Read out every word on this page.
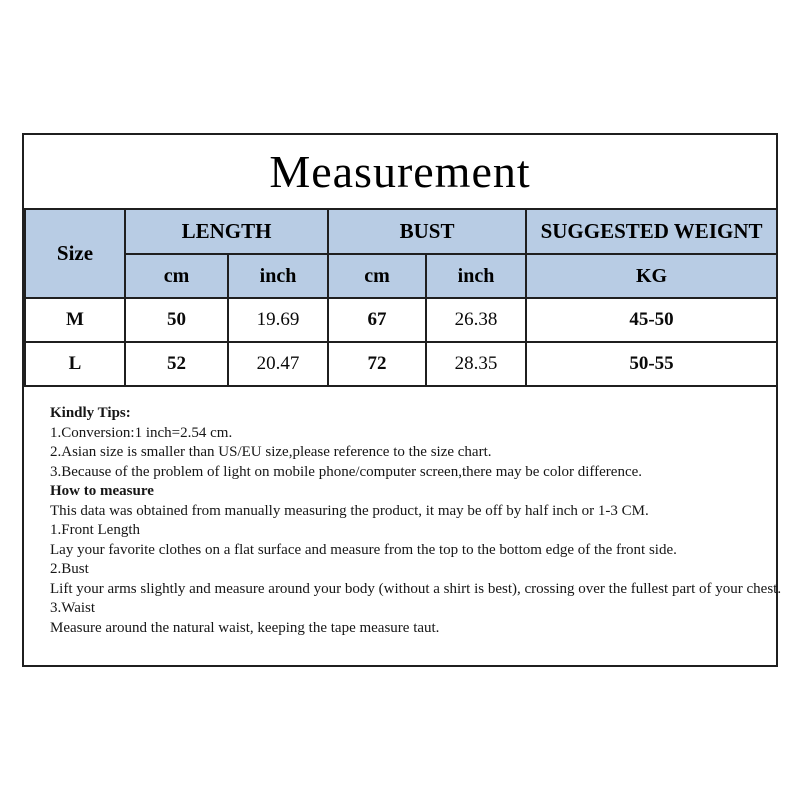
Measurement
Size	LENGTH		BUST		SUGGESTED WEIGNT
	cm	inch	cm	inch	KG
M	50	19.69	67	26.38	45-50
L	52	20.47	72	28.35	50-55
Kindly Tips:
1.Conversion:1 inch=2.54 cm.
2.Asian size is smaller than US/EU size,please reference to the size chart.
3.Because of the problem of light on mobile phone/computer screen,there may be color difference.
How to measure
This data was obtained from manually measuring the product, it may be off by half inch or 1-3 CM.
1.Front Length
Lay your favorite clothes on a flat surface and measure from the top to the bottom edge of the front side.
2.Bust
Lift your arms slightly and measure around your body (without a shirt is best), crossing over the fullest part of your chest.
3.Waist
Measure around the natural waist, keeping the tape measure taut.
